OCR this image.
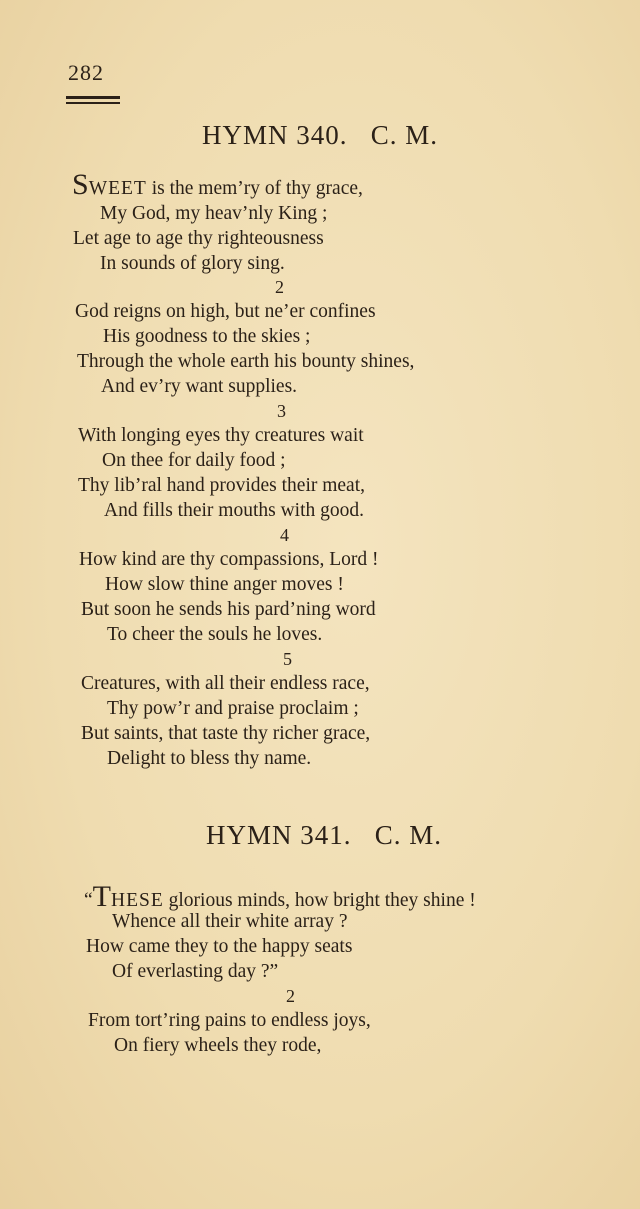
282
HYMN 340.   C. M.
SWEET is the mem’ry of thy grace,
My God, my heav’nly King ;
Let age to age thy righteousness
In sounds of glory sing.
2
God reigns on high, but ne’er confines
His goodness to the skies ;
Through the whole earth his bounty shines,
And ev’ry want supplies.
3
With longing eyes thy creatures wait
On thee for daily food ;
Thy lib’ral hand provides their meat,
And fills their mouths with good.
4
How kind are thy compassions, Lord !
How slow thine anger moves !
But soon he sends his pard’ning word
To cheer the souls he loves.
5
Creatures, with all their endless race,
Thy pow’r and praise proclaim ;
But saints, that taste thy richer grace,
Delight to bless thy name.
HYMN 341.   C. M.
“THESE glorious minds, how bright they shine !
Whence all their white array ?
How came they to the happy seats
Of everlasting day ?”
2
From tort’ring pains to endless joys,
On fiery wheels they rode,
